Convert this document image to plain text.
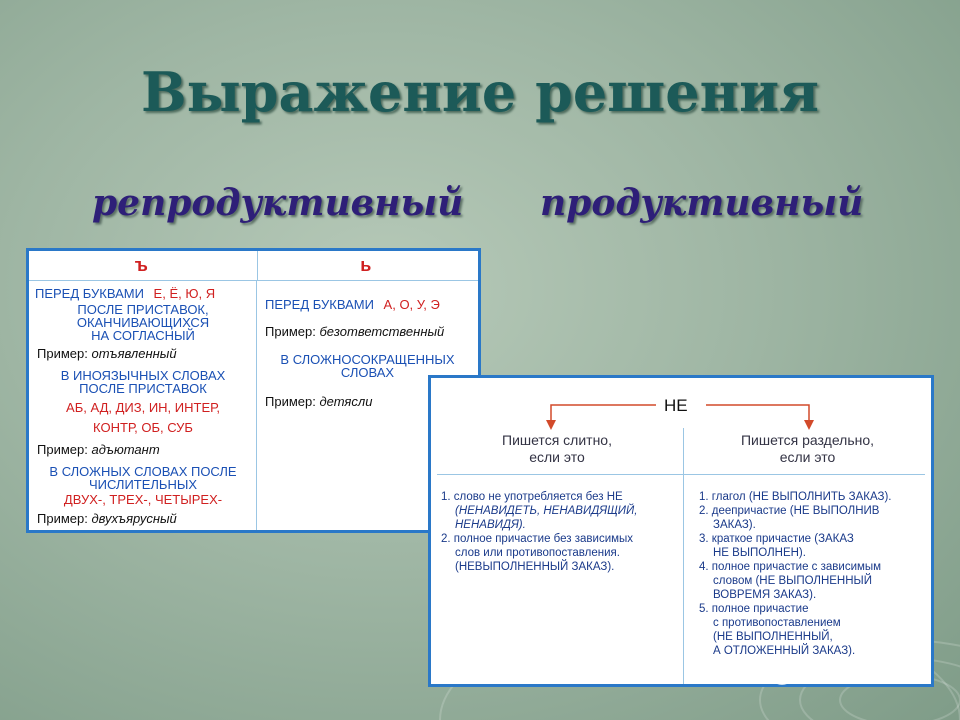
Выражение решения
репродуктивный продуктивный
ъ	ь
ПЕРЕД БУКВАМИ Е, Ё, Ю, Я
ПОСЛЕ ПРИСТАВОК,
ОКАНЧИВАЮЩИХСЯ
НА СОГЛАСНЫЙ
Пример: отъявленный
В ИНОЯЗЫЧНЫХ СЛОВАХ
ПОСЛЕ ПРИСТАВОК
АБ, АД, ДИЗ, ИН, ИНТЕР,
КОНТР, ОБ, СУБ
Пример: адъютант
В СЛОЖНЫХ СЛОВАХ ПОСЛЕ
ЧИСЛИТЕЛЬНЫХ
ДВУХ-, ТРЕХ-, ЧЕТЫРЕХ-
Пример: двухъярусный
ПЕРЕД БУКВАМИ А, О, У, Э
Пример: безответственный
В СЛОЖНОСОКРАЩЕННЫХ
СЛОВАХ
Пример: детясли	НЕ
Пишется слитно,
если это
Пишется раздельно,
если это
1. слово не употребляется без НЕ
(НЕНАВИДЕТЬ, НЕНАВИДЯЩИЙ,
НЕНАВИДЯ).
2. полное причастие без зависимых
слов или противопоставления.
(НЕВЫПОЛНЕННЫЙ ЗАКАЗ).
1. глагол (НЕ ВЫПОЛНИТЬ ЗАКАЗ).
2. деепричастие (НЕ ВЫПОЛНИВ
ЗАКАЗ).
3. краткое причастие (ЗАКАЗ
НЕ ВЫПОЛНЕН).
4. полное причастие с зависимым
словом (НЕ ВЫПОЛНЕННЫЙ
ВОВРЕМЯ ЗАКАЗ).
5. полное причастие
с противопоставлением
(НЕ ВЫПОЛНЕННЫЙ,
А ОТЛОЖЕННЫЙ ЗАКАЗ).
MyShared
